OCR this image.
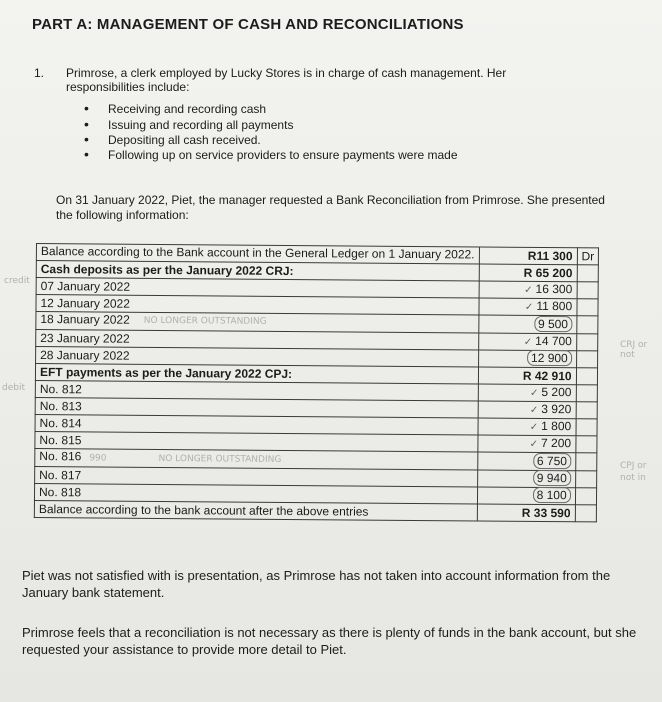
PART A: MANAGEMENT OF CASH AND RECONCILIATIONS
1. Primrose, a clerk employed by Lucky Stores is in charge of cash management. Her responsibilities include:
• Receiving and recording cash
• Issuing and recording all payments
• Depositing all cash received.
• Following up on service providers to ensure payments were made
On 31 January 2022, Piet, the manager requested a Bank Reconciliation from Primrose. She presented the following information:
Balance according to the Bank account in the General Ledger on 1 January 2022.	R11 300	Dr
Cash deposits as per the January 2022 CRJ:	R 65 200	
07 January 2022	✓ 16 300	
12 January 2022	✓ 11 800	
18 January 2022 NO LONGER OUTSTANDING	9 500	
23 January 2022	✓ 14 700	
28 January 2022	12 900	
EFT payments as per the January 2022 CPJ:	R 42 910	
No. 812	✓ 5 200	
No. 813	✓ 3 920	
No. 814	✓ 1 800	
No. 815	✓ 7 200	
No. 816 990 NO LONGER OUTSTANDING	6 750	
No. 817	9 940	
No. 818	8 100	
Balance according to the bank account after the above entries	R 33 590	
credit
debit
CRJ or not
CPJ or not in
Piet was not satisfied with is presentation, as Primrose has not taken into account information from the January bank statement.
Primrose feels that a reconciliation is not necessary as there is plenty of funds in the bank account, but she requested your assistance to provide more detail to Piet.
